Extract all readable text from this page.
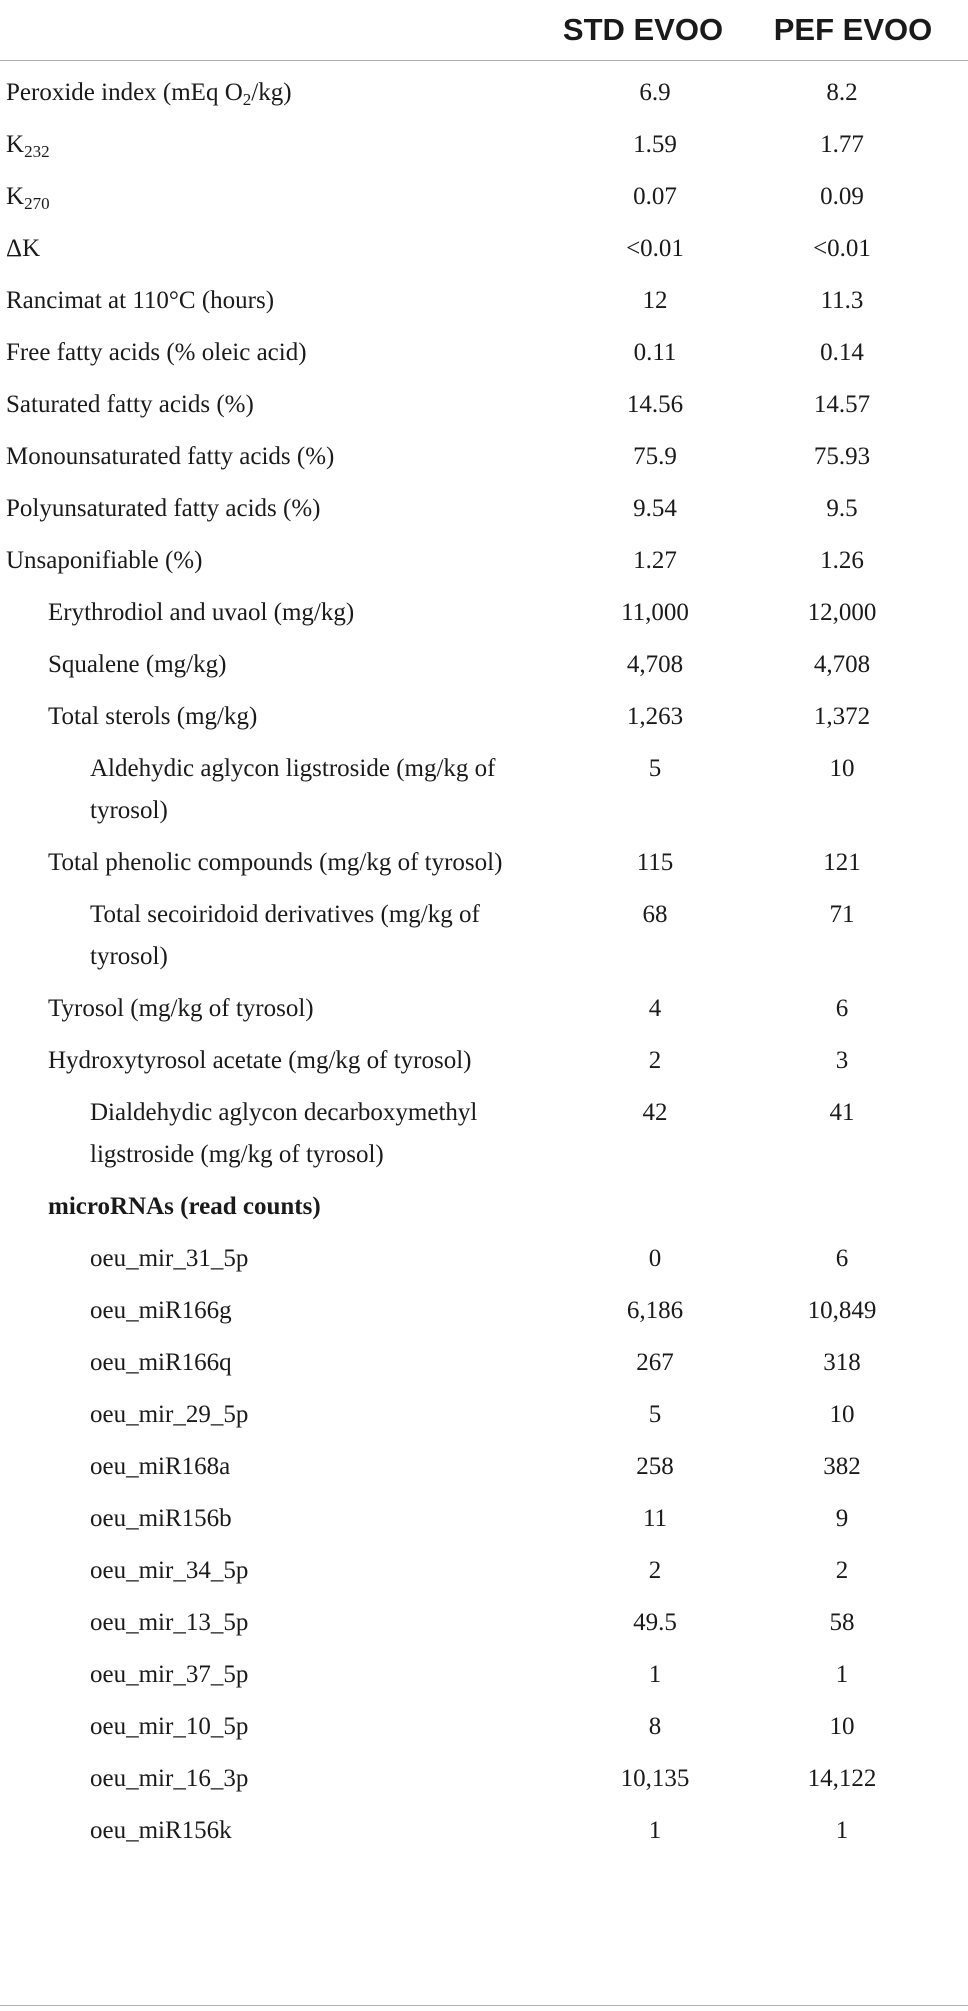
	STD EVOO	PEF EVOO
Peroxide index (mEq $O_2/kg$)	6.9	8.2
$K_{232}$	1.59	1.77
$K_{270}$	0.07	0.09
ΔK	<0.01	<0.01
Rancimat at 110°C (hours)	12	11.3
Free fatty acids (% oleic acid)	0.11	0.14
Saturated fatty acids (%)	14.56	14.57
Monounsaturated fatty acids (%)	75.9	75.93
Polyunsaturated fatty acids (%)	9.54	9.5
Unsaponifiable (%)	1.27	1.26
Erythrodiol and uvaol (mg/kg)	11,000	12,000
Squalene (mg/kg)	4,708	4,708
Total sterols (mg/kg)	1,263	1,372
Aldehydic aglycon ligstroside (mg/kg of tyrosol)	5	10
Total phenolic compounds (mg/kg of tyrosol)	115	121
Total secoiridoid derivatives (mg/kg of tyrosol)	68	71
Tyrosol (mg/kg of tyrosol)	4	6
Hydroxytyrosol acetate (mg/kg of tyrosol)	2	3
Dialdehydic aglycon decarboxymethyl ligstroside (mg/kg of tyrosol)	42	41
microRNAs (read counts)		
oeu_mir_31_5p	0	6
oeu_miR166g	6,186	10,849
oeu_miR166q	267	318
oeu_mir_29_5p	5	10
oeu_miR168a	258	382
oeu_miR156b	11	9
oeu_mir_34_5p	2	2
oeu_mir_13_5p	49.5	58
oeu_mir_37_5p	1	1
oeu_mir_10_5p	8	10
oeu_mir_16_3p	10,135	14,122
oeu_miR156k	1	1
